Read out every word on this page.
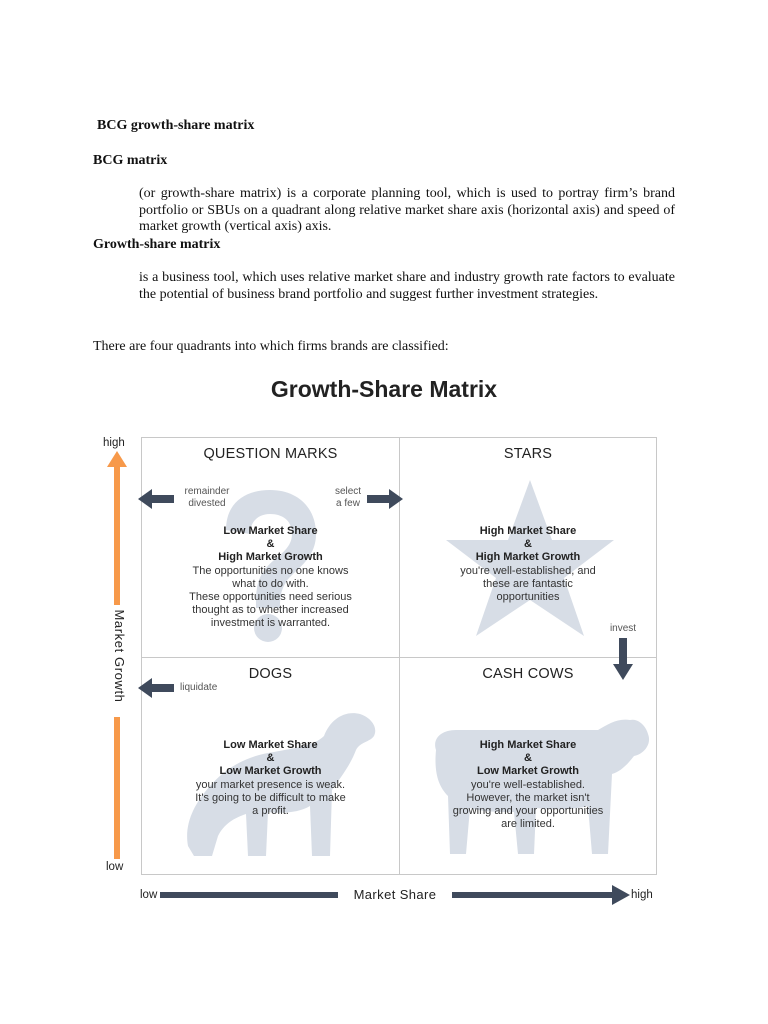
BCG growth-share matrix
BCG matrix
(or growth-share matrix) is a corporate planning tool, which is used to portray firm’s brand portfolio or SBUs on a quadrant along relative market share axis (horizontal axis) and speed of market growth (vertical axis) axis.
Growth-share matrix
is a business tool, which uses relative market share and industry growth rate factors to evaluate the potential of business brand portfolio and suggest further investment strategies.
There are four quadrants into which firms brands are classified:
Growth-Share Matrix
high
low
Market Growth
QUESTION MARKS
Low Market Share
&
High Market Growth
The opportunities no one knows
what to do with.
These opportunities need serious
thought as to whether increased
investment is warranted.
STARS
High Market Share
&
High Market Growth
you're well-established, and
these are fantastic
opportunities
DOGS
Low Market Share
&
Low Market Growth
your market presence is weak.
It's going to be difficult to make
a profit.
CASH COWS
High Market Share
&
Low Market Growth
you're well-established.
However, the market isn't
growing and your opportunities
are limited.
remainder
divested
select
a few
invest
liquidate
low	Market Share	high
